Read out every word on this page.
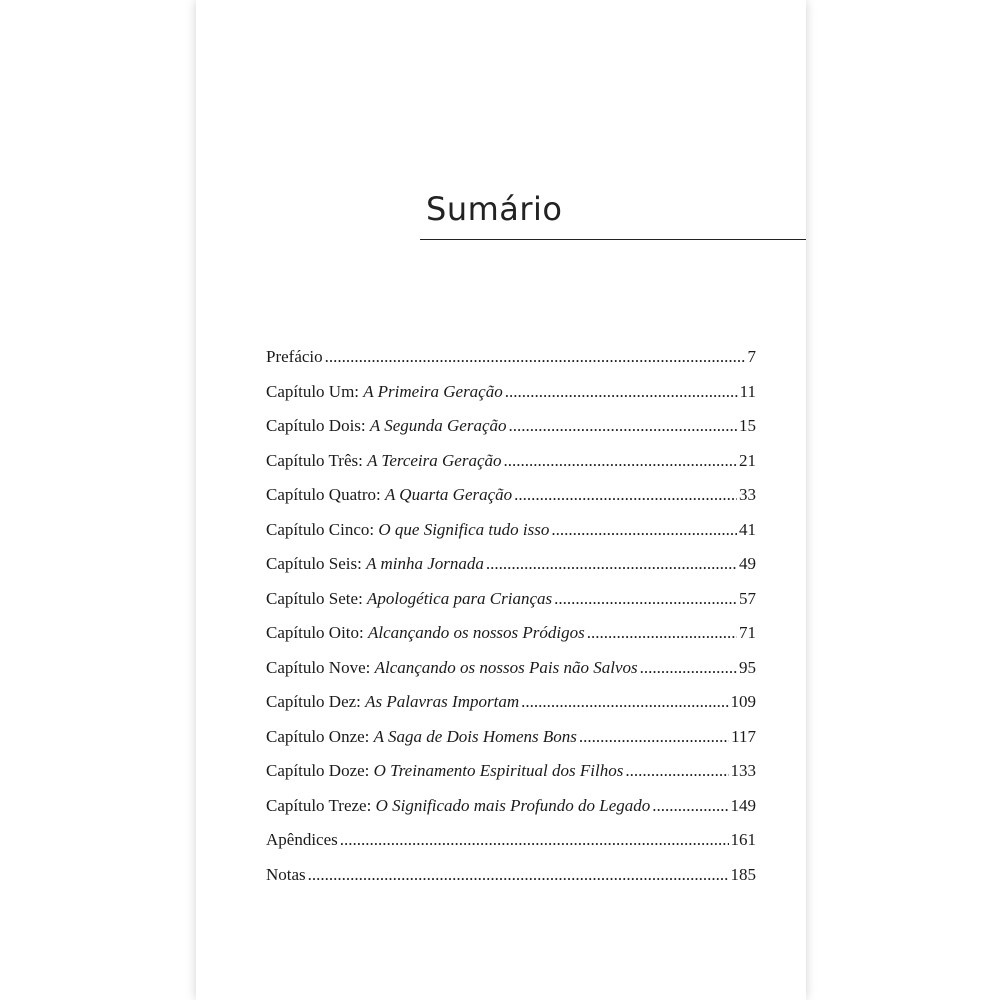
Sumário
Prefácio .....	7
Capítulo Um: A Primeira Geração .....	11
Capítulo Dois: A Segunda Geração .....	15
Capítulo Três: A Terceira Geração .....	21
Capítulo Quatro: A Quarta Geração .....	33
Capítulo Cinco: O que Significa tudo isso .....	41
Capítulo Seis: A minha Jornada .....	49
Capítulo Sete: Apologética para Crianças .....	57
Capítulo Oito: Alcançando os nossos Pródigos .....	71
Capítulo Nove: Alcançando os nossos Pais não Salvos .....	95
Capítulo Dez: As Palavras Importam .....	109
Capítulo Onze: A Saga de Dois Homens Bons .....	117
Capítulo Doze: O Treinamento Espiritual dos Filhos .....	133
Capítulo Treze: O Significado mais Profundo do Legado .....	149
Apêndices .....	161
Notas .....	185
